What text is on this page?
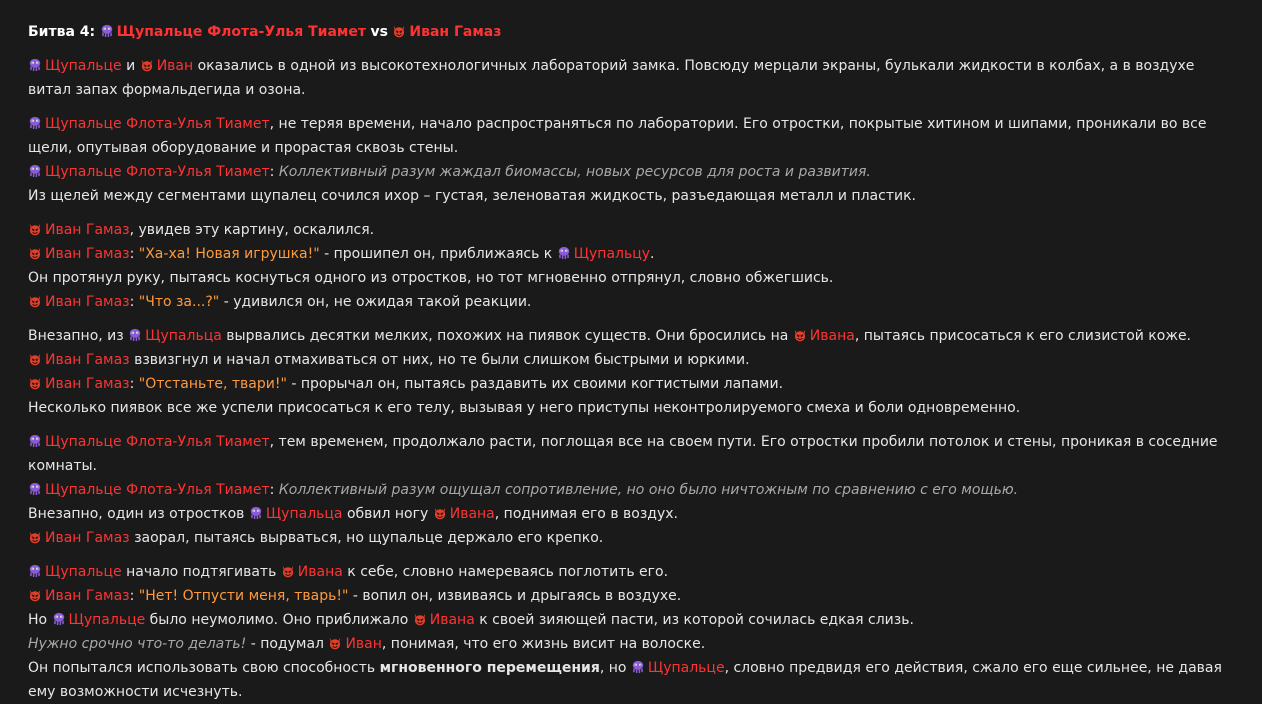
Битва 4: Щупальце Флота-Улья Тиамет vs Иван Гамаз
Щупальце и Иван оказались в одной из высокотехнологичных лабораторий замка. Повсюду мерцали экраны, булькали жидкости в колбах, а в воздухе витал запах формальдегида и озона.
Щупальце Флота-Улья Тиамет, не теряя времени, начало распространяться по лаборатории. Его отростки, покрытые хитином и шипами, проникали во все щели, опутывая оборудование и прорастая сквозь стены.
Щупальце Флота-Улья Тиамет: Коллективный разум жаждал биомассы, новых ресурсов для роста и развития.
Из щелей между сегментами щупалец сочился ихор – густая, зеленоватая жидкость, разъедающая металл и пластик.
Иван Гамаз, увидев эту картину, оскалился.
Иван Гамаз: "Ха-ха! Новая игрушка!" - прошипел он, приближаясь к Щупальцу.
Он протянул руку, пытаясь коснуться одного из отростков, но тот мгновенно отпрянул, словно обжегшись.
Иван Гамаз: "Что за...?" - удивился он, не ожидая такой реакции.
Внезапно, из Щупальца вырвались десятки мелких, похожих на пиявок существ. Они бросились на Ивана, пытаясь присосаться к его слизистой коже.
Иван Гамаз взвизгнул и начал отмахиваться от них, но те были слишком быстрыми и юркими.
Иван Гамаз: "Отстаньте, твари!" - прорычал он, пытаясь раздавить их своими когтистыми лапами.
Несколько пиявок все же успели присосаться к его телу, вызывая у него приступы неконтролируемого смеха и боли одновременно.
Щупальце Флота-Улья Тиамет, тем временем, продолжало расти, поглощая все на своем пути. Его отростки пробили потолок и стены, проникая в соседние комнаты.
Щупальце Флота-Улья Тиамет: Коллективный разум ощущал сопротивление, но оно было ничтожным по сравнению с его мощью.
Внезапно, один из отростков Щупальца обвил ногу Ивана, поднимая его в воздух.
Иван Гамаз заорал, пытаясь вырваться, но щупальце держало его крепко.
Щупальце начало подтягивать Ивана к себе, словно намереваясь поглотить его.
Иван Гамаз: "Нет! Отпусти меня, тварь!" - вопил он, извиваясь и дрыгаясь в воздухе.
Но Щупальце было неумолимо. Оно приближало Ивана к своей зияющей пасти, из которой сочилась едкая слизь.
Нужно срочно что-то делать! - подумал Иван, понимая, что его жизнь висит на волоске.
Он попытался использовать свою способность мгновенного перемещения, но Щупальце, словно предвидя его действия, сжало его еще сильнее, не давая ему возможности исчезнуть.
